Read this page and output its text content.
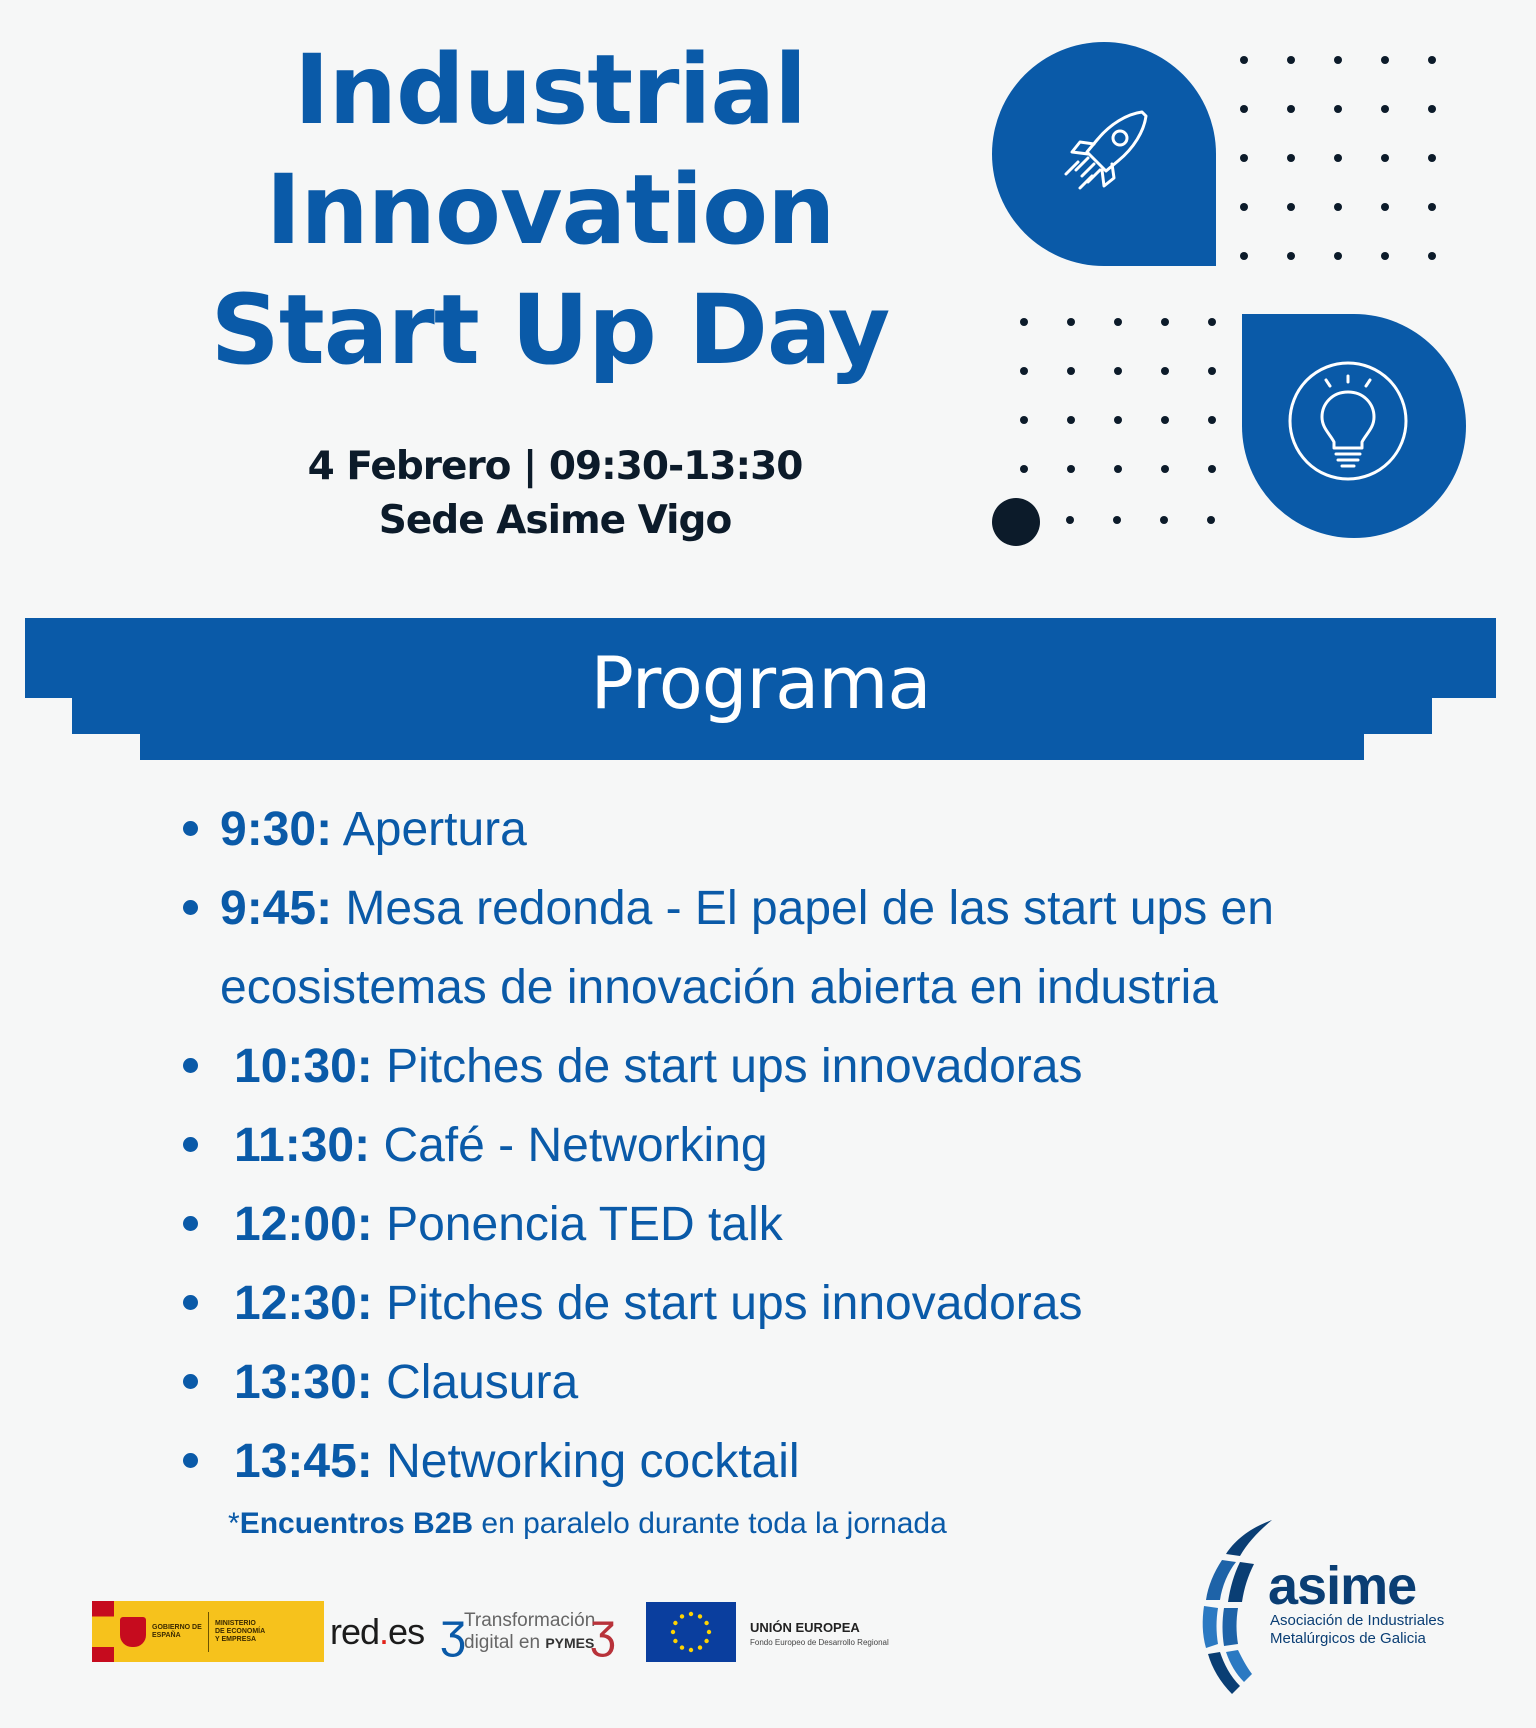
Industrial
Innovation
Start Up Day
4 Febrero | 09:30-13:30
Sede Asime Vigo
Programa
9:30: Apertura
9:45: Mesa redonda - El papel de las start ups en ecosistemas de innovación abierta en industria
10:30: Pitches de start ups innovadoras
11:30: Café - Networking
12:00: Ponencia TED talk
12:30: Pitches de start ups innovadoras
13:30: Clausura
13:45: Networking cocktail
*Encuentros B2B en paralelo durante toda la jornada
GOBIERNO DE ESPAÑA
MINISTERIO DE ECONOMÍA Y EMPRESA red.es ʒ
Transformación
digital en PYMES
ʒ	UNIÓN EUROPEA
Fondo Europeo de Desarrollo Regional
asime
Asociación de Industriales
Metalúrgicos de Galicia
